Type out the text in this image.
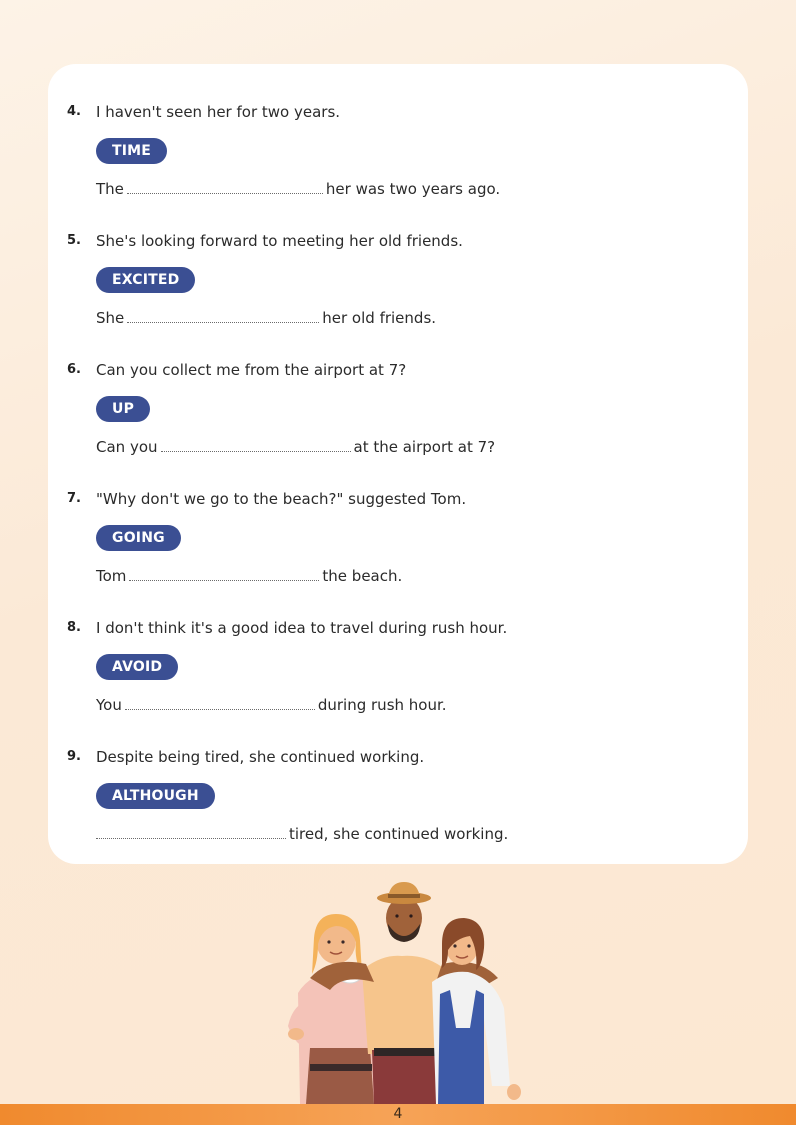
4. I haven't seen her for two years.
TIME
The	her was two years ago.
5. She's looking forward to meeting her old friends.
EXCITED
She	her old friends.
6. Can you collect me from the airport at 7?
UP
Can you	at the airport at 7?
7. "Why don't we go to the beach?" suggested Tom.
GOING
Tom	the beach.
8. I don't think it's a good idea to travel during rush hour.
AVOID
You	during rush hour.
9. Despite being tired, she continued working.
ALTHOUGH
tired, she continued working.
4
